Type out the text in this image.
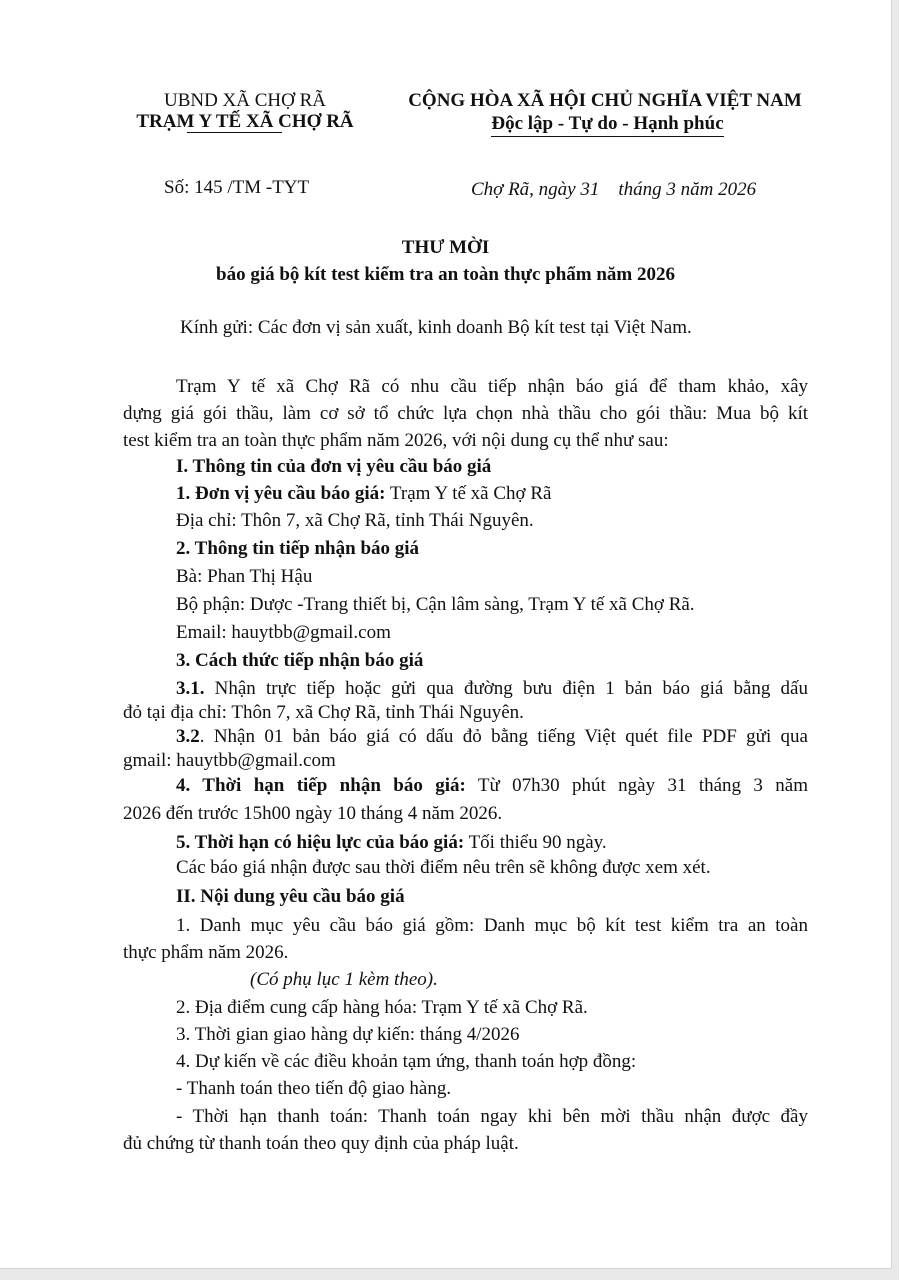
UBND XÃ CHỢ RÃ
TRẠM Y TẾ XÃ CHỢ RÃ
CỘNG HÒA XÃ HỘI CHỦ NGHĨA VIỆT NAM
Độc lập - Tự do - Hạnh phúc
Số: 145 /TM -TYT	Chợ Rã, ngày 31    tháng 3 năm 2026
THƯ MỜI
báo giá bộ kít test kiểm tra an toàn thực phẩm năm 2026
Kính gửi: Các đơn vị sản xuất, kinh doanh Bộ kít test tại Việt Nam.
Trạm Y tế xã Chợ Rã có nhu cầu tiếp nhận báo giá để tham khảo, xây
dựng giá gói thầu, làm cơ sở tổ chức lựa chọn nhà thầu cho gói thầu: Mua bộ kít
test kiểm tra an toàn thực phẩm năm 2026, với nội dung cụ thể như sau:
I. Thông tin của đơn vị yêu cầu báo giá
1. Đơn vị yêu cầu báo giá: Trạm Y tế xã Chợ Rã
Địa chỉ: Thôn 7, xã Chợ Rã, tỉnh Thái Nguyên.
2. Thông tin tiếp nhận báo giá
Bà: Phan Thị Hậu
Bộ phận: Dược -Trang thiết bị, Cận lâm sàng, Trạm Y tế xã Chợ Rã.
Email: hauytbb@gmail.com
3. Cách thức tiếp nhận báo giá
3.1. Nhận trực tiếp hoặc gửi qua đường bưu điện 1 bản báo giá bằng dấu
đỏ tại địa chỉ: Thôn 7, xã Chợ Rã, tỉnh Thái Nguyên.
3.2. Nhận 01 bản báo giá có dấu đỏ bằng tiếng Việt quét file PDF gửi qua
gmail: hauytbb@gmail.com
4. Thời hạn tiếp nhận báo giá: Từ 07h30 phút ngày 31 tháng 3 năm
2026 đến trước 15h00 ngày 10 tháng 4 năm 2026.
5. Thời hạn có hiệu lực của báo giá: Tối thiểu 90 ngày.
Các báo giá nhận được sau thời điểm nêu trên sẽ không được xem xét.
II. Nội dung yêu cầu báo giá
1. Danh mục yêu cầu báo giá gồm: Danh mục bộ kít test kiểm tra an toàn
thực phẩm năm 2026.
(Có phụ lục 1 kèm theo).
2. Địa điểm cung cấp hàng hóa: Trạm Y tế xã Chợ Rã.
3. Thời gian giao hàng dự kiến: tháng 4/2026
4. Dự kiến về các điều khoản tạm ứng, thanh toán hợp đồng:
- Thanh toán theo tiến độ giao hàng.
- Thời hạn thanh toán: Thanh toán ngay khi bên mời thầu nhận được đầy
đủ chứng từ thanh toán theo quy định của pháp luật.
